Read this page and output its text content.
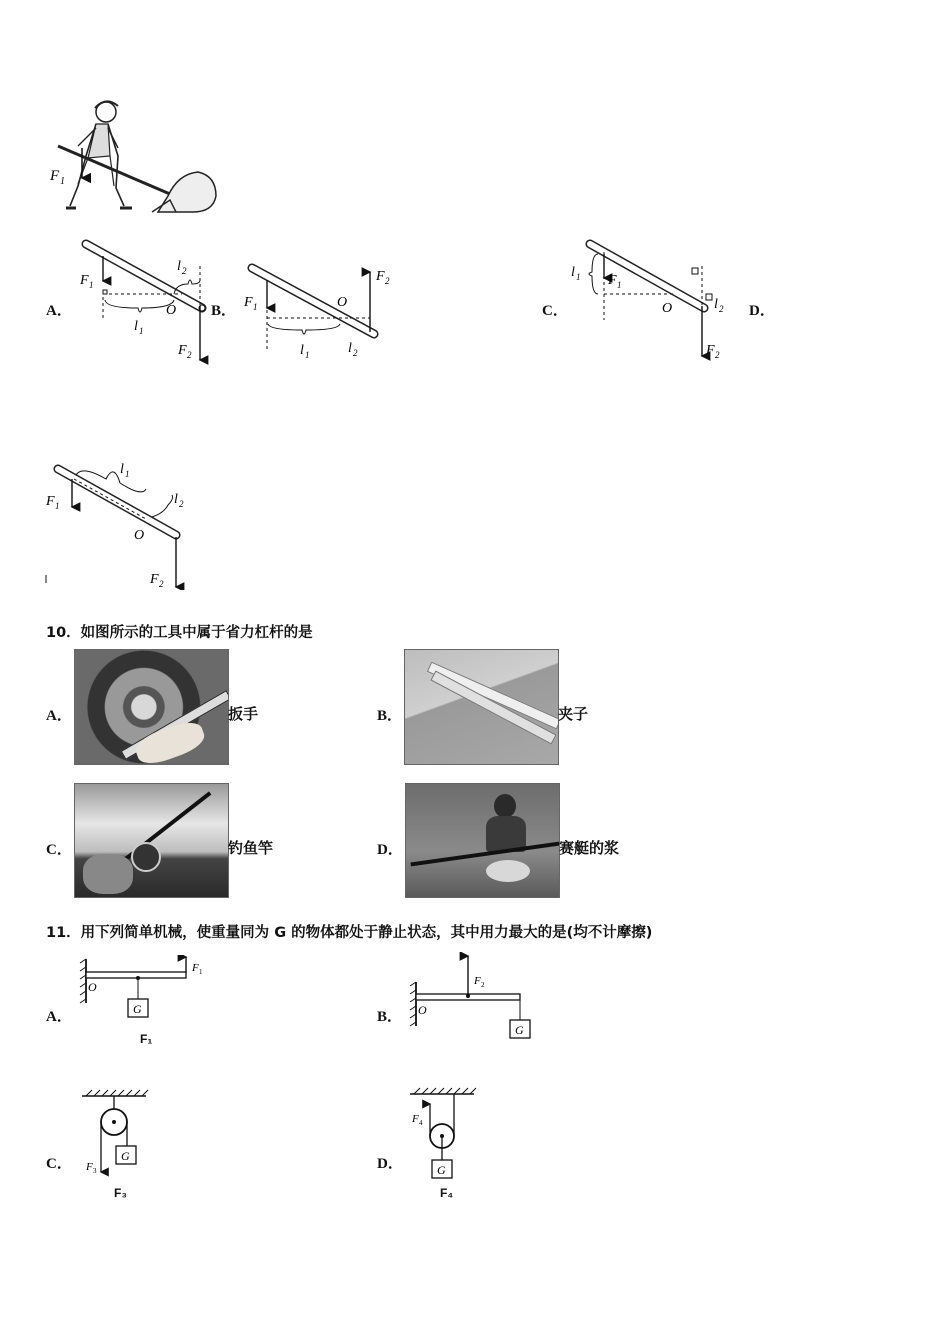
F 1
A．	B．	C．	D．
F 1
l 2
l 1
O
F 2
F 1	O
F 2
l 1	l 2
l 1 F 1
O	l 2
F 2
F 1
l 1
l 2
O
F 2
10．如图所示的工具中属于省力杠杆的是
A．	扳手	B．	夹子
C．	钓鱼竿	D．	赛艇的浆
11．用下列简单机械，使重量同为 G 的物体都处于静止状态，其中用力最大的是(均不计摩擦)
A．	G
O
F 1
F₁
B．
G
O
F 2
C．	G
F 3
F₃
D．	G
F 4
F₄
